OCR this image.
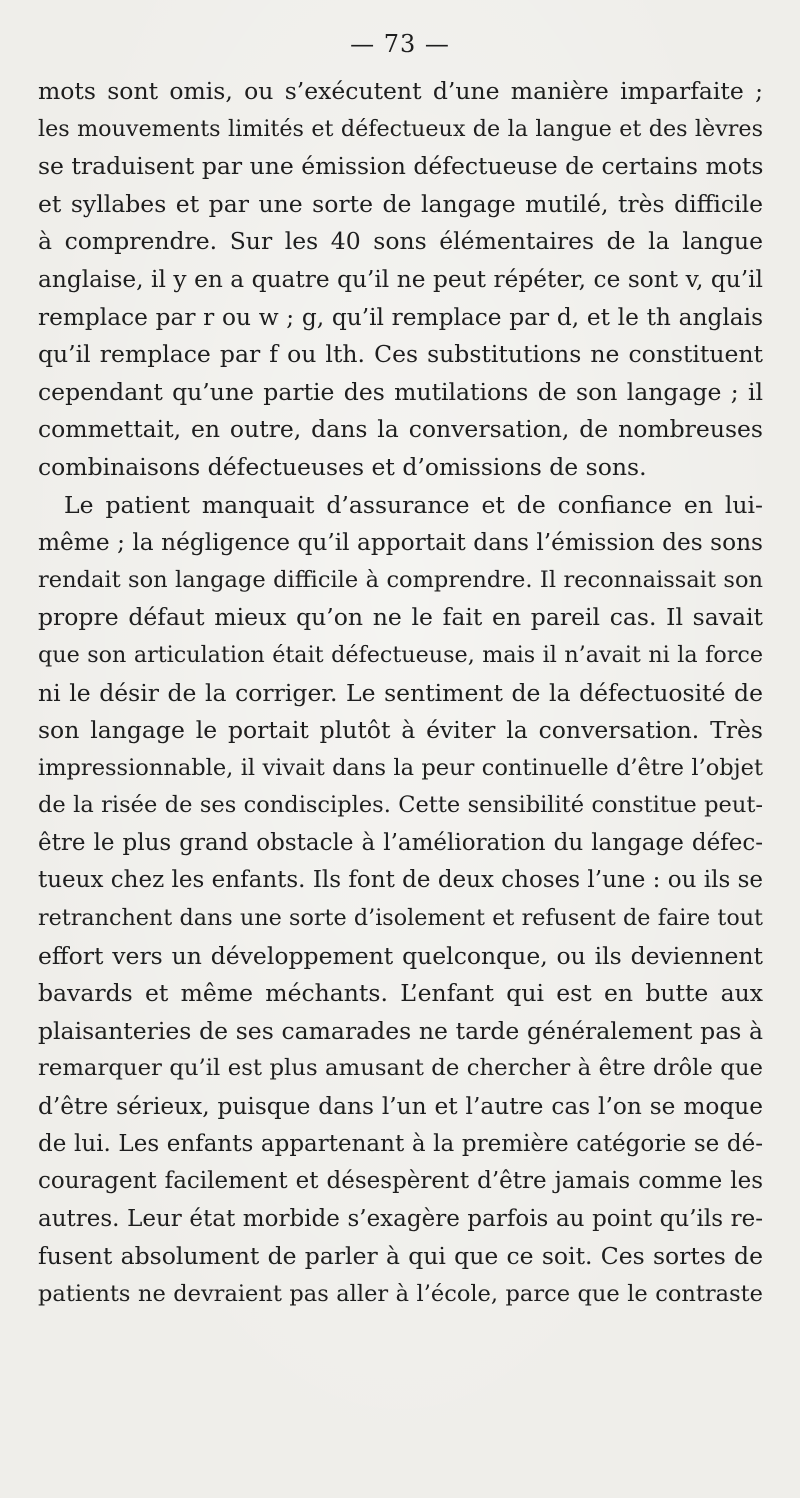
— 73 —
mots sont omis, ou s’exécutent d’une manière imparfaite ;
les mouvements limités et défectueux de la langue et des lèvres
se traduisent par une émission défectueuse de certains mots
et syllabes et par une sorte de langage mutilé, très difficile
à comprendre. Sur les 40 sons élémentaires de la langue
anglaise, il y en a quatre qu’il ne peut répéter, ce sont v, qu’il
remplace par r ou w ; g, qu’il remplace par d, et le th anglais
qu’il remplace par f ou lth. Ces substitutions ne constituent
cependant qu’une partie des mutilations de son langage ; il
commettait, en outre, dans la conversation, de nombreuses
combinaisons défectueuses et d’omissions de sons.
Le patient manquait d’assurance et de confiance en lui-
même ; la négligence qu’il apportait dans l’émission des sons
rendait son langage difficile à comprendre. Il reconnaissait son
propre défaut mieux qu’on ne le fait en pareil cas. Il savait
que son articulation était défectueuse, mais il n’avait ni la force
ni le désir de la corriger. Le sentiment de la défectuosité de
son langage le portait plutôt à éviter la conversation. Très
impressionnable, il vivait dans la peur continuelle d’être l’objet
de la risée de ses condisciples. Cette sensibilité constitue peut-
être le plus grand obstacle à l’amélioration du langage défec-
tueux chez les enfants. Ils font de deux choses l’une : ou ils se
retranchent dans une sorte d’isolement et refusent de faire tout
effort vers un développement quelconque, ou ils deviennent
bavards et même méchants. L’enfant qui est en butte aux
plaisanteries de ses camarades ne tarde généralement pas à
remarquer qu’il est plus amusant de chercher à être drôle que
d’être sérieux, puisque dans l’un et l’autre cas l’on se moque
de lui. Les enfants appartenant à la première catégorie se dé-
couragent facilement et désespèrent d’être jamais comme les
autres. Leur état morbide s’exagère parfois au point qu’ils re-
fusent absolument de parler à qui que ce soit. Ces sortes de
patients ne devraient pas aller à l’école, parce que le contraste
